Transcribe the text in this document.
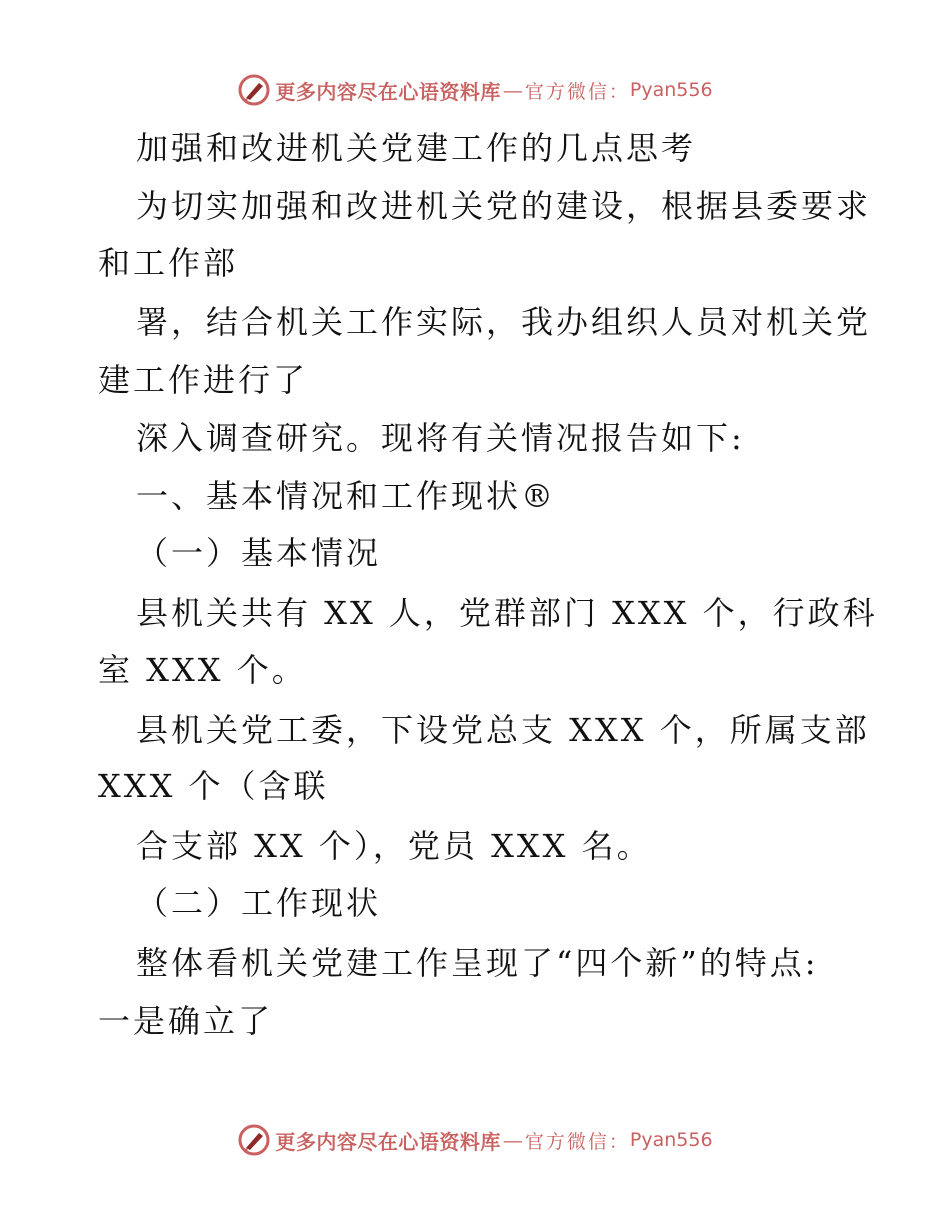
更多内容尽在心语资料库 — 官方微信： Pyan556
加强和改进机关党建工作的几点思考
为切实加强和改进机关党的建设，根据县委要求
和工作部
署，结合机关工作实际，我办组织人员对机关党
建工作进行了
深入调查研究。现将有关情况报告如下:
一、基本情况和工作现状®
（一）基本情况
县机关共有 XX 人，党群部门 XXX 个，行政科
室 XXX 个。
县机关党工委，下设党总支 XXX 个，所属支部
XXX 个（含联
合支部 XX 个），党员 XXX 名。
（二）工作现状
整体看机关党建工作呈现了“四个新”的特点:
一是确立了
更多内容尽在心语资料库 — 官方微信： Pyan556
